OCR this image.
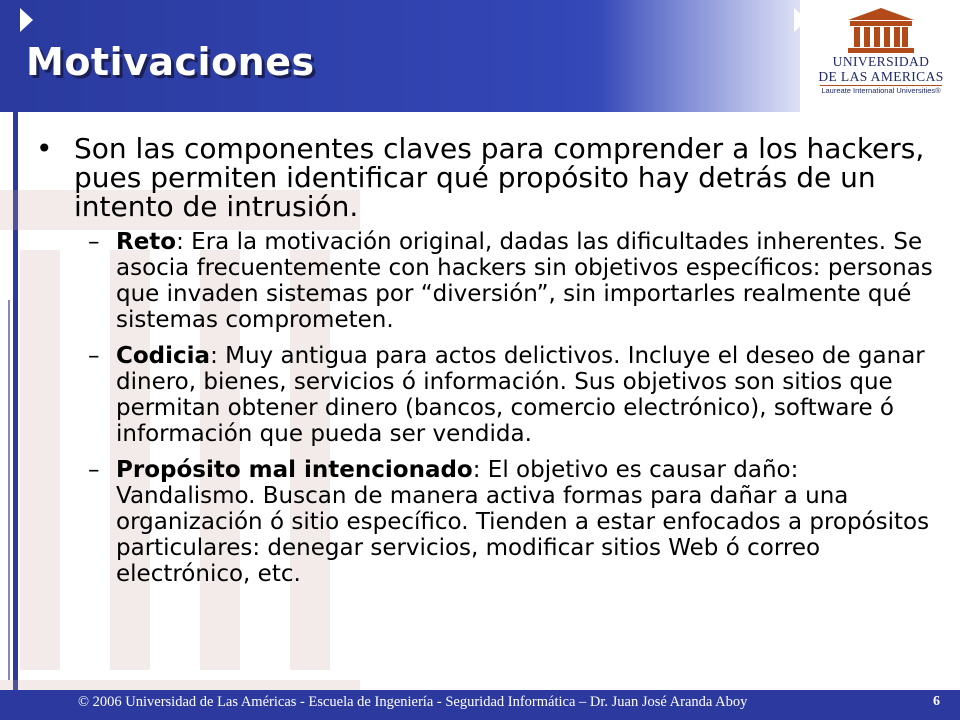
Motivaciones	UNIVERSIDAD
DE LAS AMERICAS
Laureate International Universities®

• Son las componentes claves para comprender a los hackers, pues permiten identificar qué propósito hay detrás de un intento de intrusión.

– Reto: Era la motivación original, dadas las dificultades inherentes. Se asocia frecuentemente con hackers sin objetivos específicos: personas que invaden sistemas por “diversión”, sin importarles realmente qué sistemas comprometen.

– Codicia: Muy antigua para actos delictivos. Incluye el deseo de ganar dinero, bienes, servicios ó información. Sus objetivos son sitios que permitan obtener dinero (bancos, comercio electrónico), software ó información que pueda ser vendida.

– Propósito mal intencionado: El objetivo es causar daño: Vandalismo. Buscan de manera activa formas para dañar a una organización ó sitio específico. Tienden a estar enfocados a propósitos particulares: denegar servicios, modificar sitios Web ó correo electrónico, etc.

© 2006 Universidad de Las Américas - Escuela de Ingeniería - Seguridad Informática – Dr. Juan José Aranda Aboy	6
